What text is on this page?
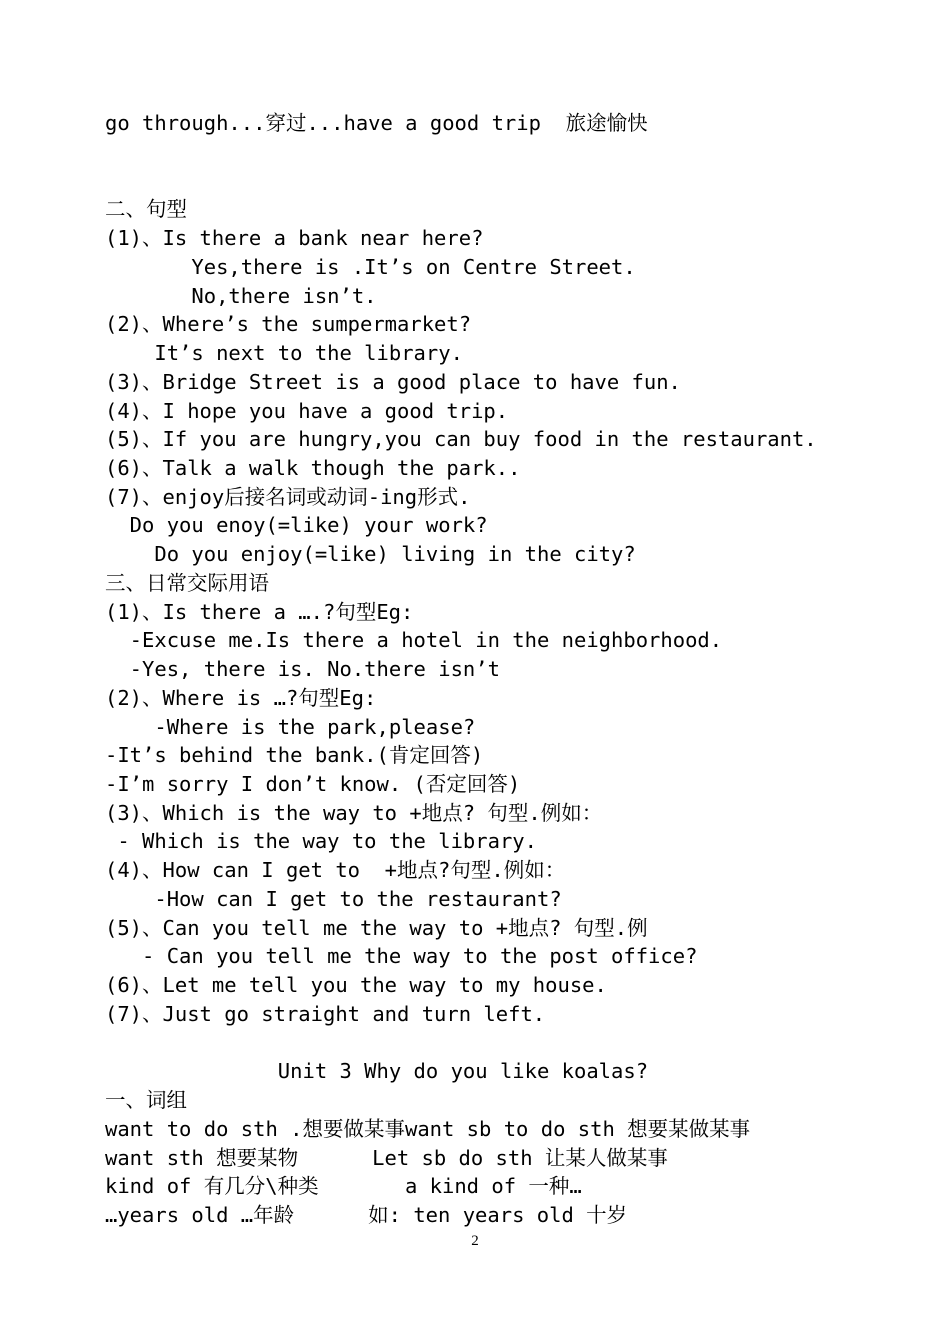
go through...穿过...have a good trip  旅途愉快
二、句型
(1)、Is there a bank near here?
Yes,there is .It’s on Centre Street.
No,there isn’t.
(2)、Where’s the sumpermarket?
It’s next to the library.
(3)、Bridge Street is a good place to have fun.
(4)、I hope you have a good trip.
(5)、If you are hungry,you can buy food in the restaurant.
(6)、Talk a walk though the park..
(7)、enjoy后接名词或动词-ing形式.
Do you enoy(=like) your work?
Do you enjoy(=like) living in the city?
三、日常交际用语
(1)、Is there a ….?句型Eg:
-Excuse me.Is there a hotel in the neighborhood.
-Yes, there is. No.there isn’t
(2)、Where is …?句型Eg:
-Where is the park,please?
-It’s behind the bank.(肯定回答)
-I’m sorry I don’t know. (否定回答)
(3)、Which is the way to +地点? 句型.例如：
- Which is the way to the library.
(4)、How can I get to  +地点?句型.例如：
-How can I get to the restaurant?
(5)、Can you tell me the way to +地点? 句型.例
- Can you tell me the way to the post office?
(6)、Let me tell you the way to my house.
(7)、Just go straight and turn left.
Unit 3 Why do you like koalas?
一、词组
want to do sth .想要做某事want sb to do sth 想要某做某事
want sth 想要某物      Let sb do sth 让某人做某事
kind of 有几分\种类       a kind of 一种…
…years old …年龄      如: ten years old 十岁
2
